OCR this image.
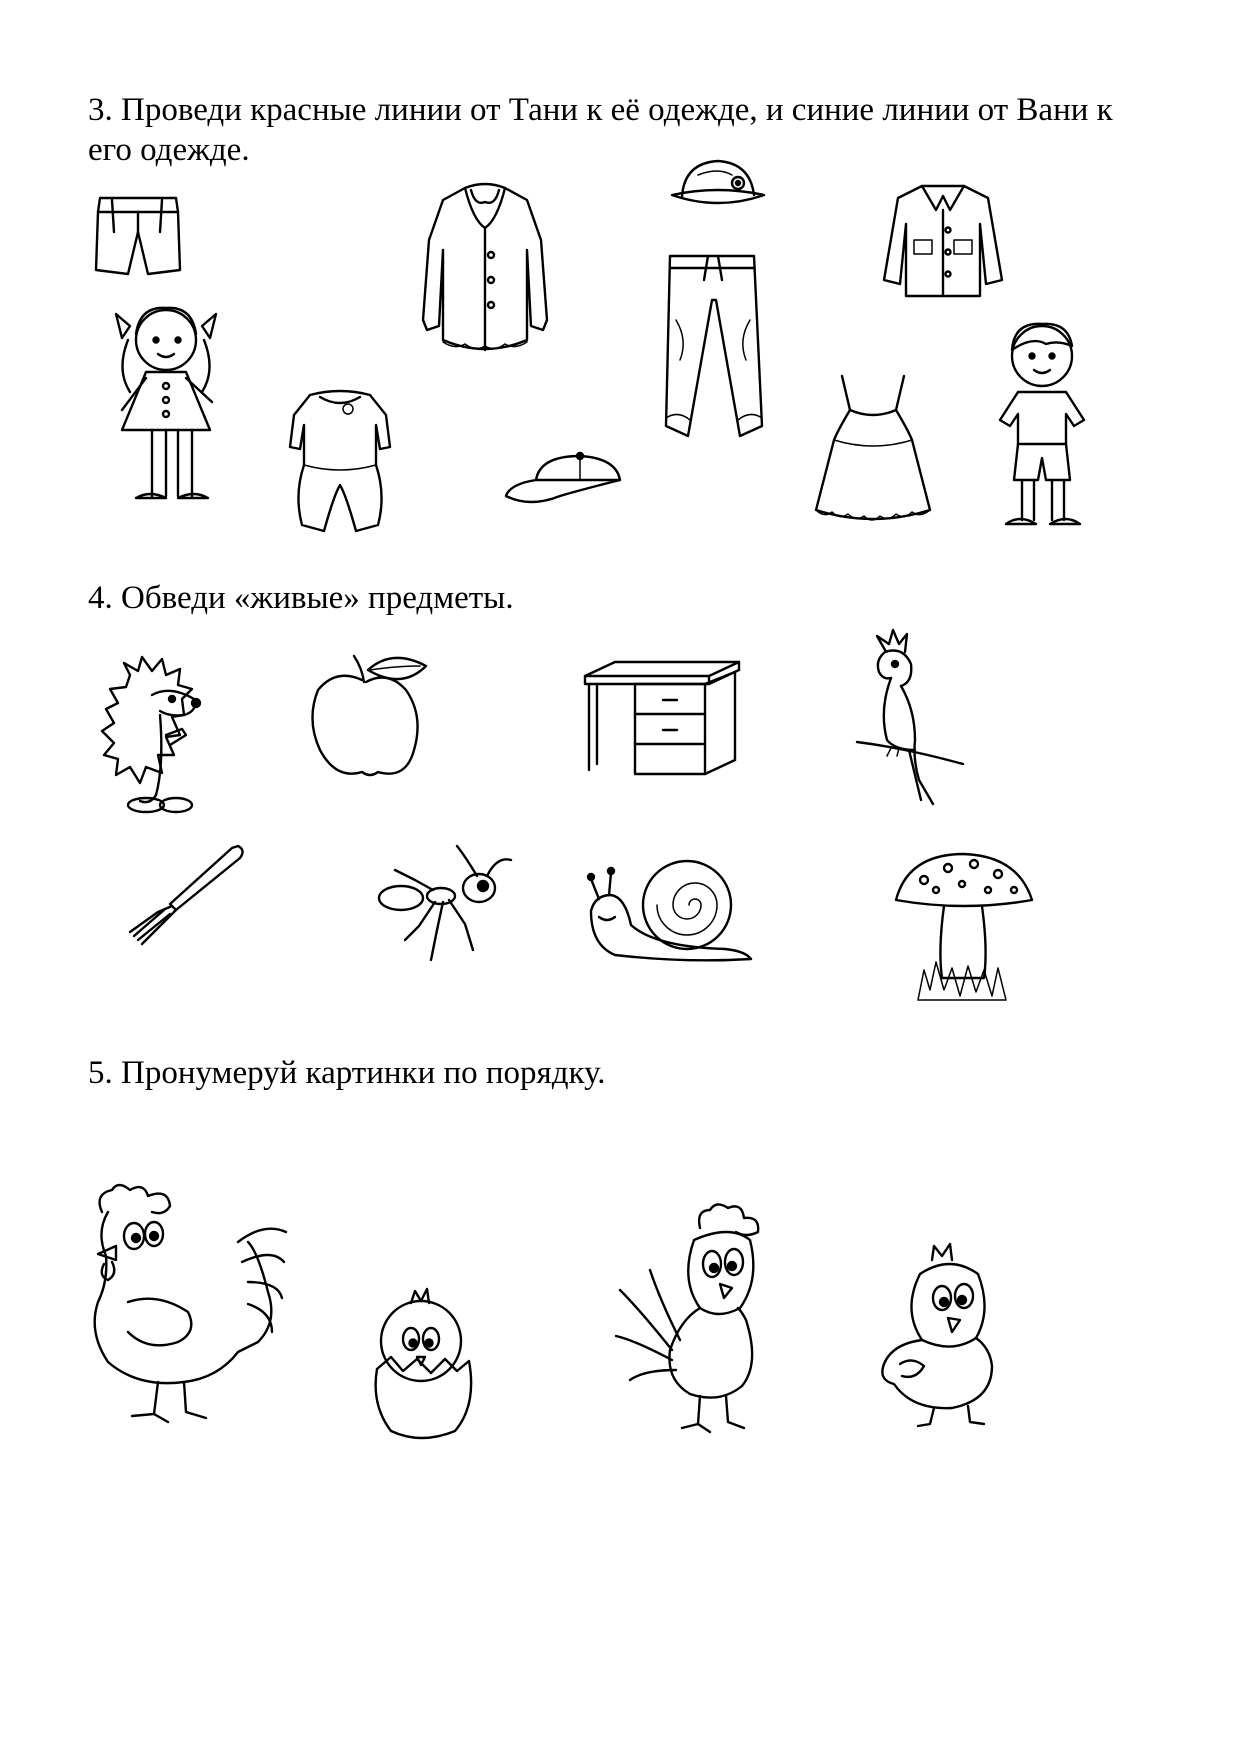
3. Проведи красные линии от Тани к её одежде, и синие линии от Вани к его одежде.

4. Обведи «живые» предметы.

5. Пронумеруй картинки по порядку.
